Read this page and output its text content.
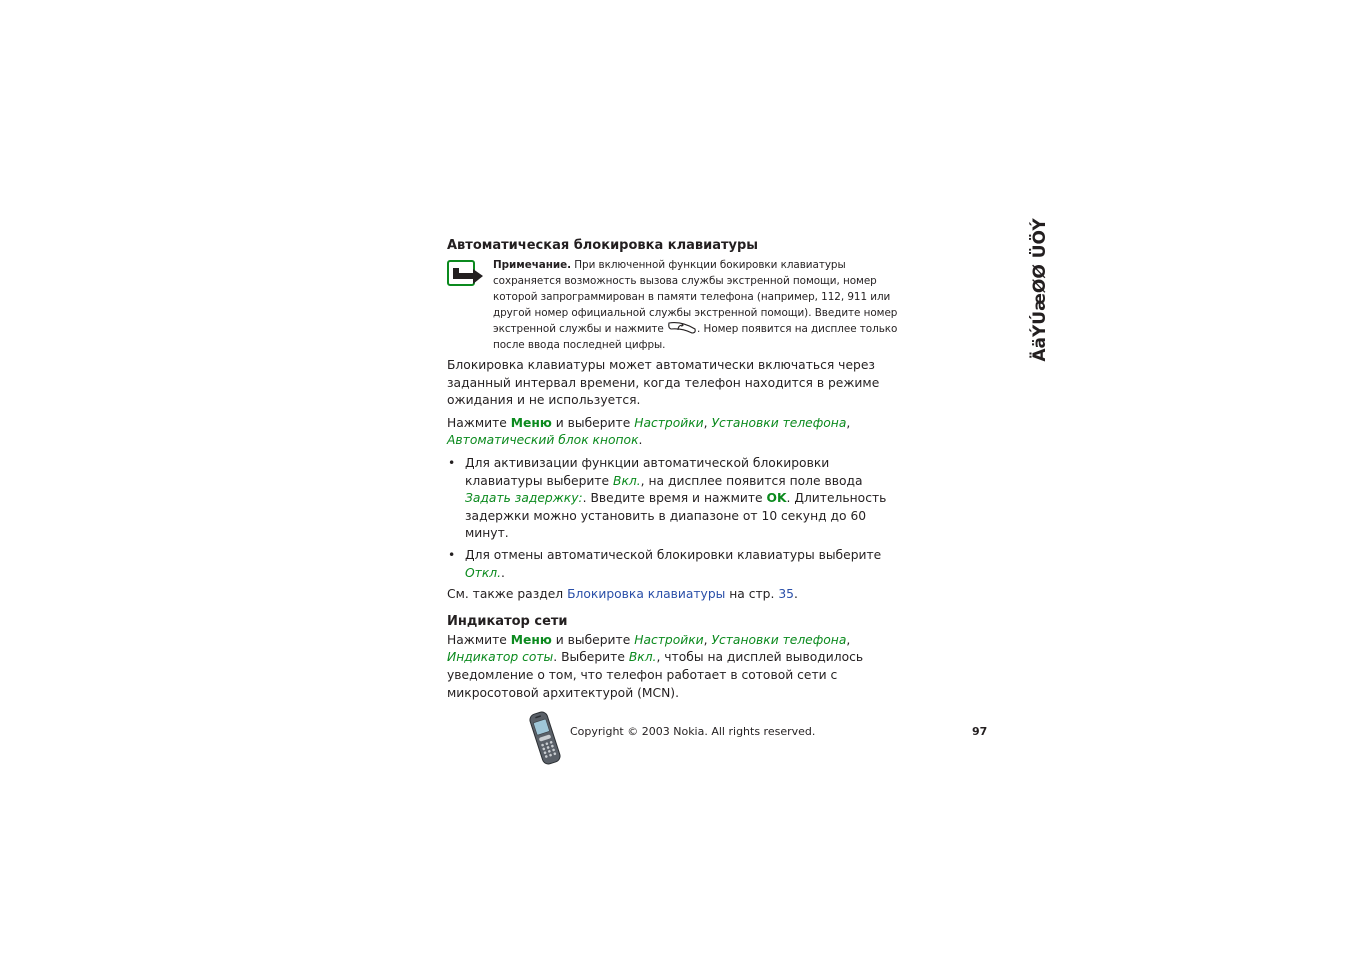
ÄäÝÚæØØ ÜÖÝ
Автоматическая блокировка клавиатуры
Примечание. При включенной функции бокировки клавиатуры сохраняется возможность вызова службы экстренной помощи, номер которой запрограммирован в памяти телефона (например, 112, 911 или другой номер официальной службы экстренной помощи). Введите номер экстренной службы и нажмите	. Номер появится на дисплее только после ввода последней цифры.

Блокировка клавиатуры может автоматически включаться через заданный интервал времени, когда телефон находится в режиме ожидания и не используется.

Нажмите Меню и выберите Настройки, Установки телефона, Автоматический блок кнопок.

• Для активизации функции автоматической блокировки клавиатуры выберите Вкл., на дисплее появится поле ввода Задать задержку:. Введите время и нажмите OK. Длительность задержки можно установить в диапазоне от 10 секунд до 60 минут.
• Для отмены автоматической блокировки клавиатуры выберите Откл..

См. также раздел Блокировка клавиатуры на стр. 35.

Индикатор сети

Нажмите Меню и выберите Настройки, Установки телефона, Индикатор соты. Выберите Вкл., чтобы на дисплей выводилось уведомление о том, что телефон работает в сотовой сети с микросотовой архитектурой (MCN).

Copyright © 2003 Nokia. All rights reserved.	97
